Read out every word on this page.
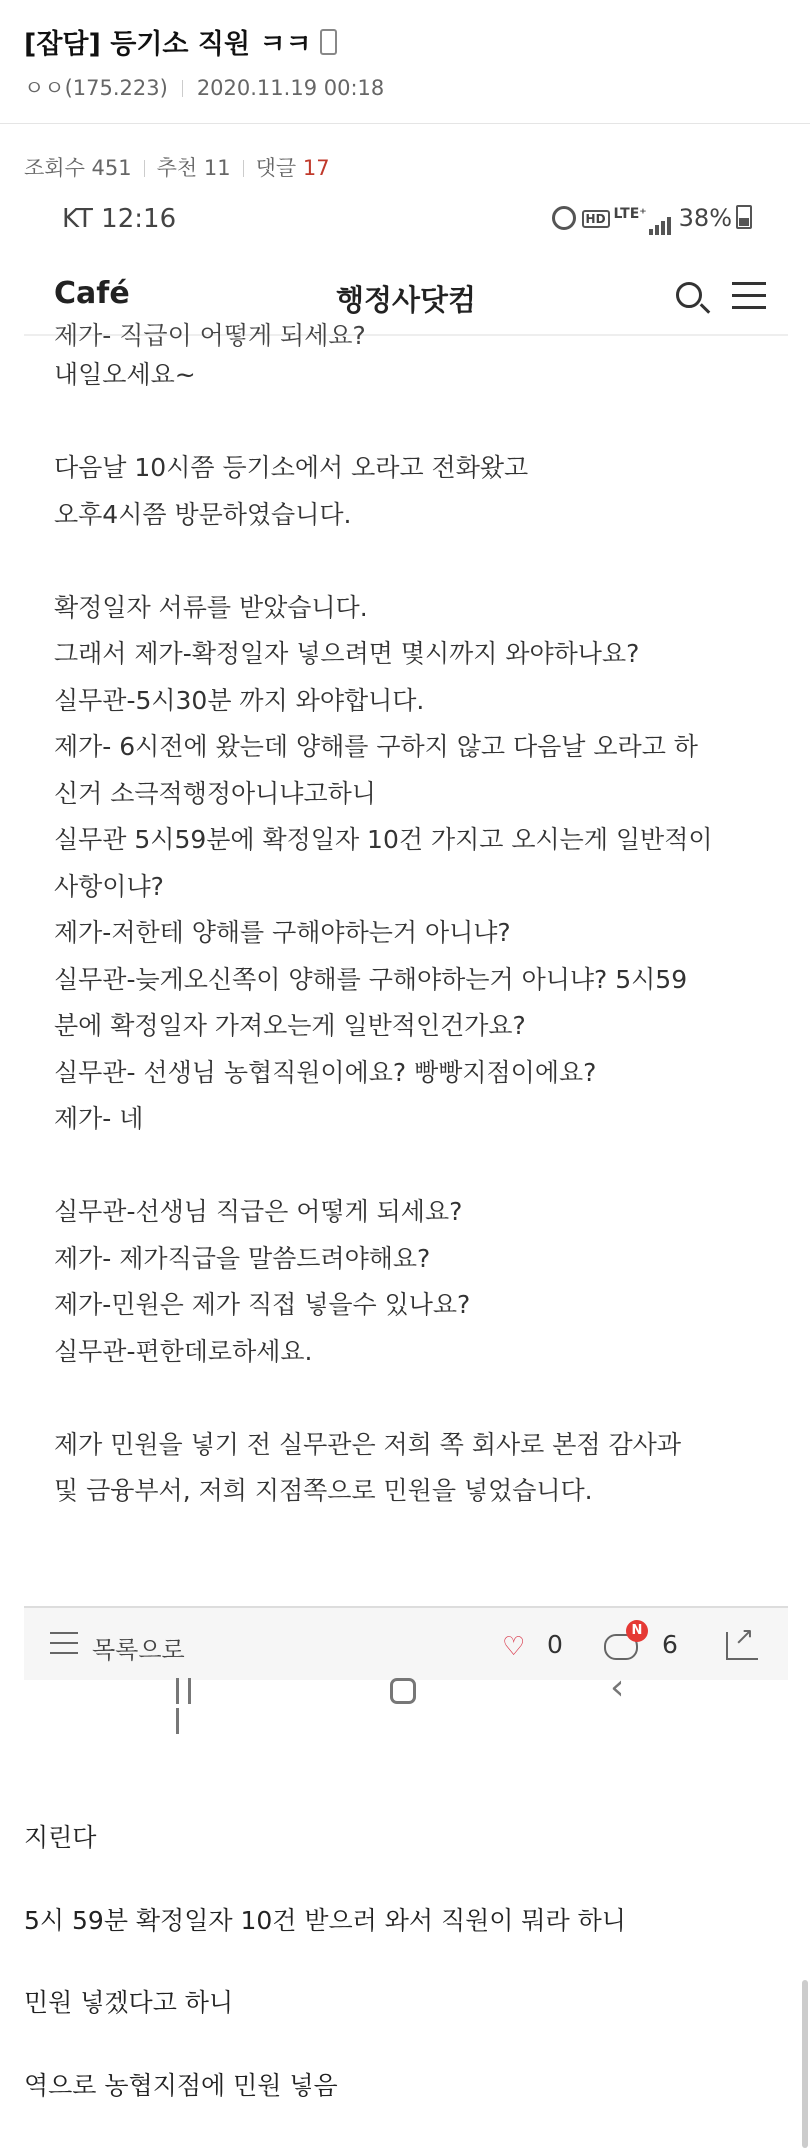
[잡담] 등기소 직원 ㅋㅋ
ㅇㅇ(175.223) 2020.11.19 00:18
조회수 451 추천 11 댓글 17
KT 12:16	HD $^{LTE^+}$ 38%
Café	행정사닷컴
제가- 직급이 어떻게 되세요?
내일오세요~
다음날 10시쯤 등기소에서 오라고 전화왔고
오후4시쯤 방문하였습니다.
확정일자 서류를 받았습니다.
그래서 제가-확정일자 넣으려면 몇시까지 와야하나요?
실무관-5시30분 까지 와야합니다.
제가- 6시전에 왔는데 양해를 구하지 않고 다음날 오라고 하
신거 소극적행정아니냐고하니
실무관 5시59분에 확정일자 10건 가지고 오시는게 일반적이
사항이냐?
제가-저한테 양해를 구해야하는거 아니냐?
실무관-늦게오신쪽이 양해를 구해야하는거 아니냐? 5시59
분에 확정일자 가져오는게 일반적인건가요?
실무관- 선생님 농협직원이에요? 빵빵지점이에요?
제가- 네
실무관-선생님 직급은 어떻게 되세요?
제가- 제가직급을 말씀드려야해요?
제가-민원은 제가 직접 넣을수 있나요?
실무관-편한데로하세요.
제가 민원을 넣기 전 실무관은 저희 쪽 회사로 본점 감사과
및 금융부서, 저희 지점쪽으로 민원을 넣었습니다.
목록으로	♡ 0	N 6
↗
‹
지린다
5시 59분 확정일자 10건 받으러 와서 직원이 뭐라 하니
민원 넣겠다고 하니
역으로 농협지점에 민원 넣음
